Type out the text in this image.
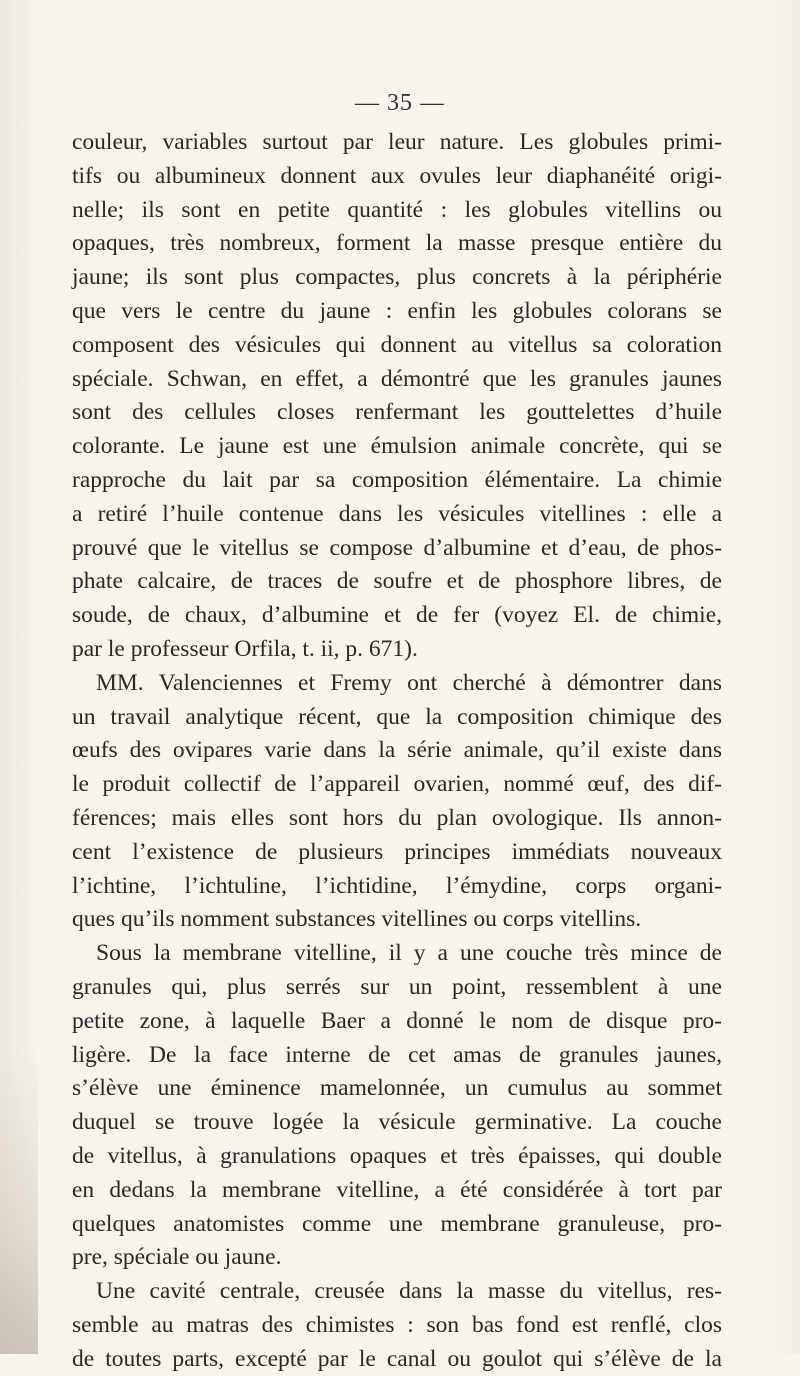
— 35 —
couleur, variables surtout par leur nature. Les globules primi-
tifs ou albumineux donnent aux ovules leur diaphanéité origi-
nelle; ils sont en petite quantité : les globules vitellins ou
opaques, très nombreux, forment la masse presque entière du
jaune; ils sont plus compactes, plus concrets à la périphérie
que vers le centre du jaune : enfin les globules colorans se
composent des vésicules qui donnent au vitellus sa coloration
spéciale. Schwan, en effet, a démontré que les granules jaunes
sont des cellules closes renfermant les gouttelettes d’huile
colorante. Le jaune est une émulsion animale concrète, qui se
rapproche du lait par sa composition élémentaire. La chimie
a retiré l’huile contenue dans les vésicules vitellines : elle a
prouvé que le vitellus se compose d’albumine et d’eau, de phos-
phate calcaire, de traces de soufre et de phosphore libres, de
soude, de chaux, d’albumine et de fer (voyez El. de chimie,
par le professeur Orfila, t. ii, p. 671).
MM. Valenciennes et Fremy ont cherché à démontrer dans
un travail analytique récent, que la composition chimique des
œufs des ovipares varie dans la série animale, qu’il existe dans
le produit collectif de l’appareil ovarien, nommé œuf, des dif-
férences; mais elles sont hors du plan ovologique. Ils annon-
cent l’existence de plusieurs principes immédiats nouveaux
l’ichtine, l’ichtuline, l’ichtidine, l’émydine, corps organi-
ques qu’ils nomment substances vitellines ou corps vitellins.
Sous la membrane vitelline, il y a une couche très mince de
granules qui, plus serrés sur un point, ressemblent à une
petite zone, à laquelle Baer a donné le nom de disque pro-
ligère. De la face interne de cet amas de granules jaunes,
s’élève une éminence mamelonnée, un cumulus au sommet
duquel se trouve logée la vésicule germinative. La couche
de vitellus, à granulations opaques et très épaisses, qui double
en dedans la membrane vitelline, a été considérée à tort par
quelques anatomistes comme une membrane granuleuse, pro-
pre, spéciale ou jaune.
Une cavité centrale, creusée dans la masse du vitellus, res-
semble au matras des chimistes : son bas fond est renflé, clos
de toutes parts, excepté par le canal ou goulot qui s’élève de la
